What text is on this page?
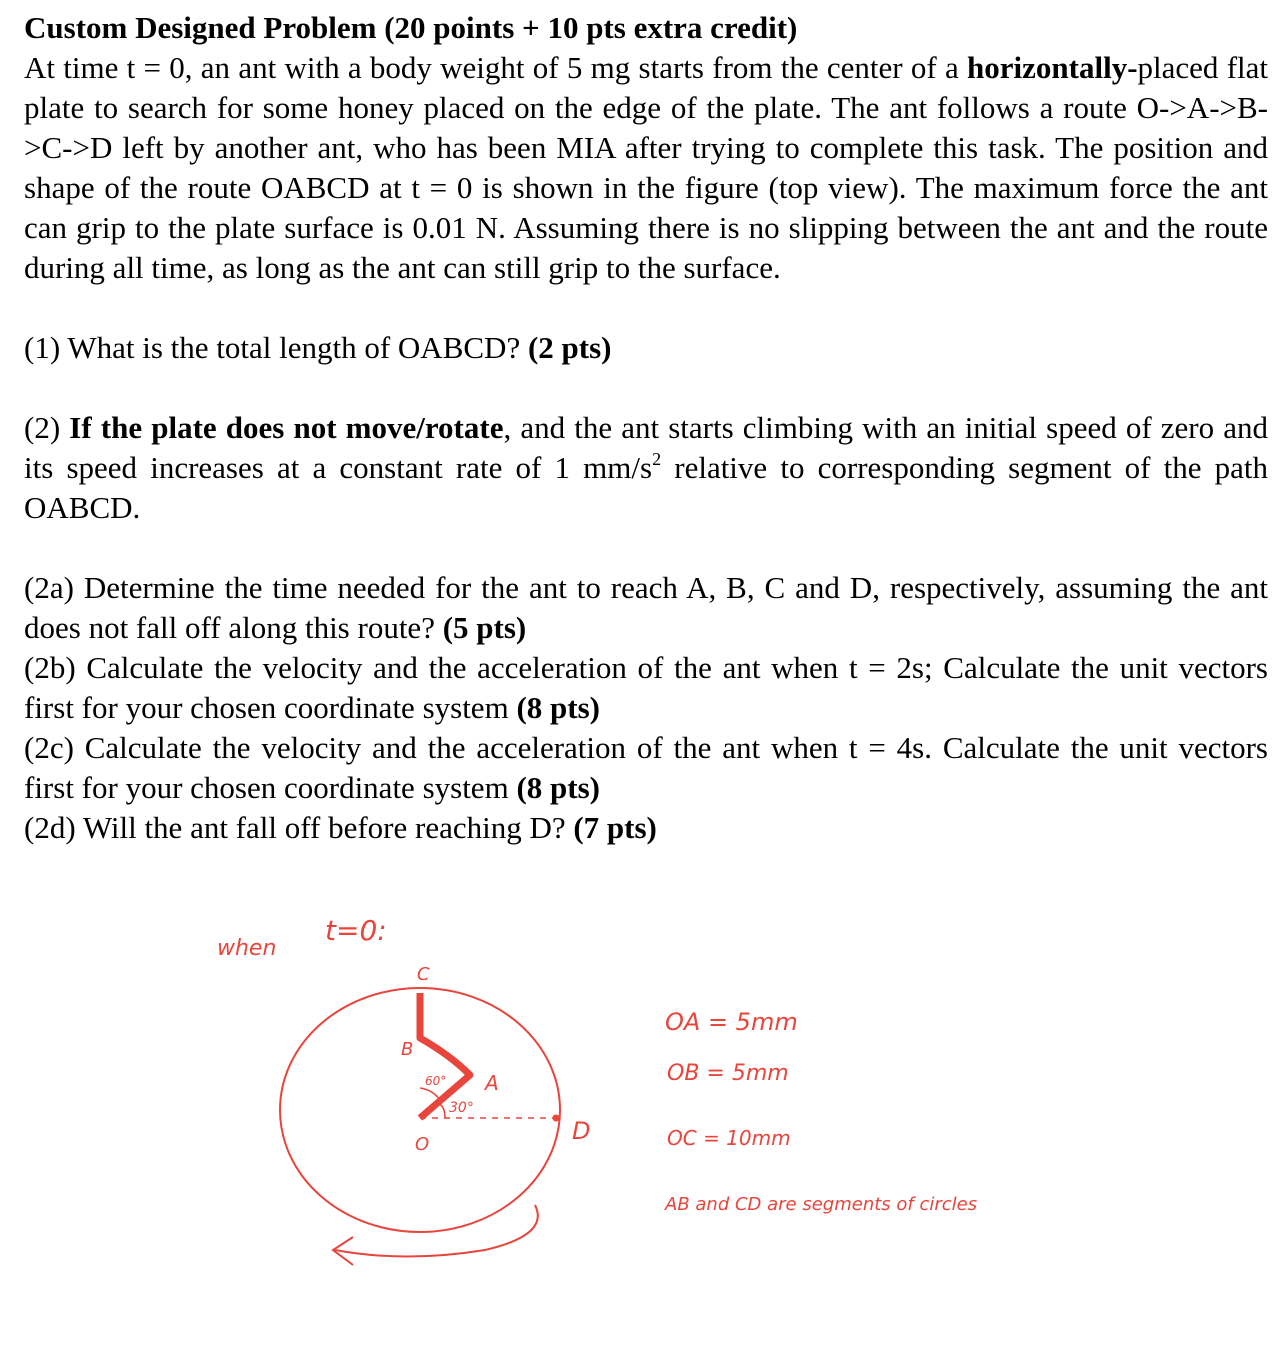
Custom Designed Problem (20 points + 10 pts extra credit)

At time t = 0, an ant with a body weight of 5 mg starts from the center of a horizontally-placed flat plate to search for some honey placed on the edge of the plate. The ant follows a route O->A->B->C->D left by another ant, who has been MIA after trying to complete this task. The position and shape of the route OABCD at t = 0 is shown in the figure (top view). The maximum force the ant can grip to the plate surface is 0.01 N. Assuming there is no slipping between the ant and the route during all time, as long as the ant can still grip to the surface.

(1) What is the total length of OABCD? (2 pts)

(2) If the plate does not move/rotate, and the ant starts climbing with an initial speed of zero and its speed increases at a constant rate of 1 $mm/s^2$ relative to corresponding segment of the path OABCD.

(2a) Determine the time needed for the ant to reach A, B, C and D, respectively, assuming the ant does not fall off along this route? (5 pts)

(2b) Calculate the velocity and the acceleration of the ant when t = 2s; Calculate the unit vectors first for your chosen coordinate system (8 pts)

(2c) Calculate the velocity and the acceleration of the ant when t = 4s. Calculate the unit vectors first for your chosen coordinate system (8 pts)

(2d) Will the ant fall off before reaching D? (7 pts)

when
t=0:
C
B
A
O	D
60°
30°
OA = 5mm
OB = 5mm
OC = 10mm
AB and CD are segments of circles
